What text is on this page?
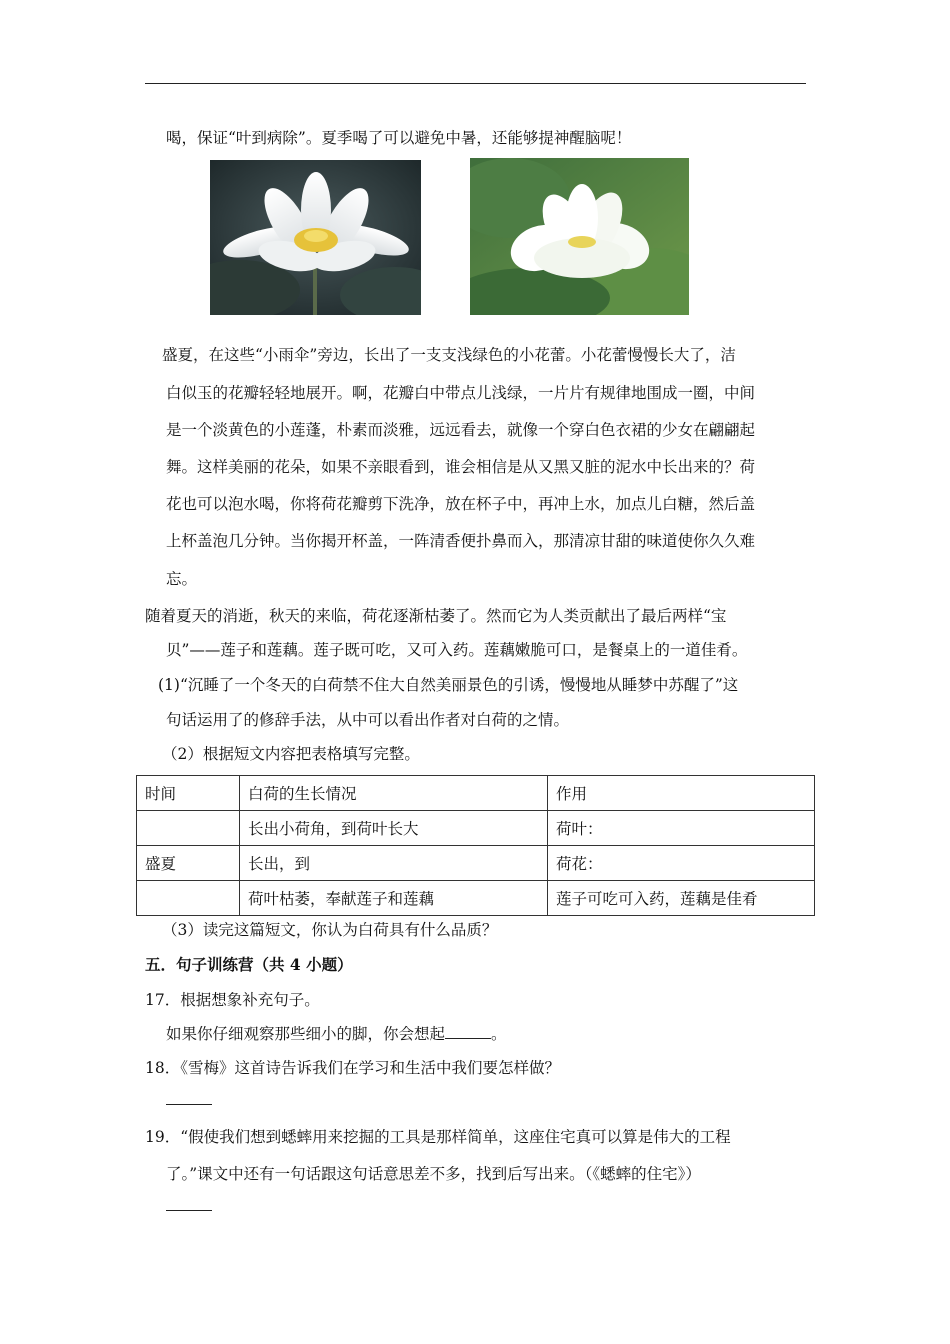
喝，保证“叶到病除”。夏季喝了可以避免中暑，还能够提神醒脑呢！
盛夏，在这些“小雨伞”旁边，长出了一支支浅绿色的小花蕾。小花蕾慢慢长大了，洁
白似玉的花瓣轻轻地展开。啊，花瓣白中带点儿浅绿，一片片有规律地围成一圈，中间
是一个淡黄色的小莲蓬，朴素而淡雅，远远看去，就像一个穿白色衣裙的少女在翩翩起
舞。这样美丽的花朵，如果不亲眼看到，谁会相信是从又黑又脏的泥水中长出来的？荷
花也可以泡水喝，你将荷花瓣剪下洗净，放在杯子中，再冲上水，加点儿白糖，然后盖
上杯盖泡几分钟。当你揭开杯盖，一阵清香便扑鼻而入，那清凉甘甜的味道使你久久难
忘。
随着夏天的消逝，秋天的来临，荷花逐渐枯萎了。然而它为人类贡献出了最后两样“宝
贝”——莲子和莲藕。莲子既可吃，又可入药。莲藕嫩脆可口，是餐桌上的一道佳肴。
(1)“沉睡了一个冬天的白荷禁不住大自然美丽景色的引诱，慢慢地从睡梦中苏醒了”这
句话运用了的修辞手法，从中可以看出作者对白荷的之情。
（2）根据短文内容把表格填写完整。
时间	白荷的生长情况	作用
	长出小荷角，到荷叶长大	荷叶：
盛夏	长出，到	荷花：
	荷叶枯萎，奉献莲子和莲藕	莲子可吃可入药，莲藕是佳肴
（3）读完这篇短文，你认为白荷具有什么品质？
五．句子训练营（共 4 小题）
17．根据想象补充句子。
如果你仔细观察那些细小的脚，你会想起	。
18．《雪梅》这首诗告诉我们在学习和生活中我们要怎样做？
19．“假使我们想到蟋蟀用来挖掘的工具是那样简单，这座住宅真可以算是伟大的工程
了。”课文中还有一句话跟这句话意思差不多，找到后写出来。（《蟋蟀的住宅》）
